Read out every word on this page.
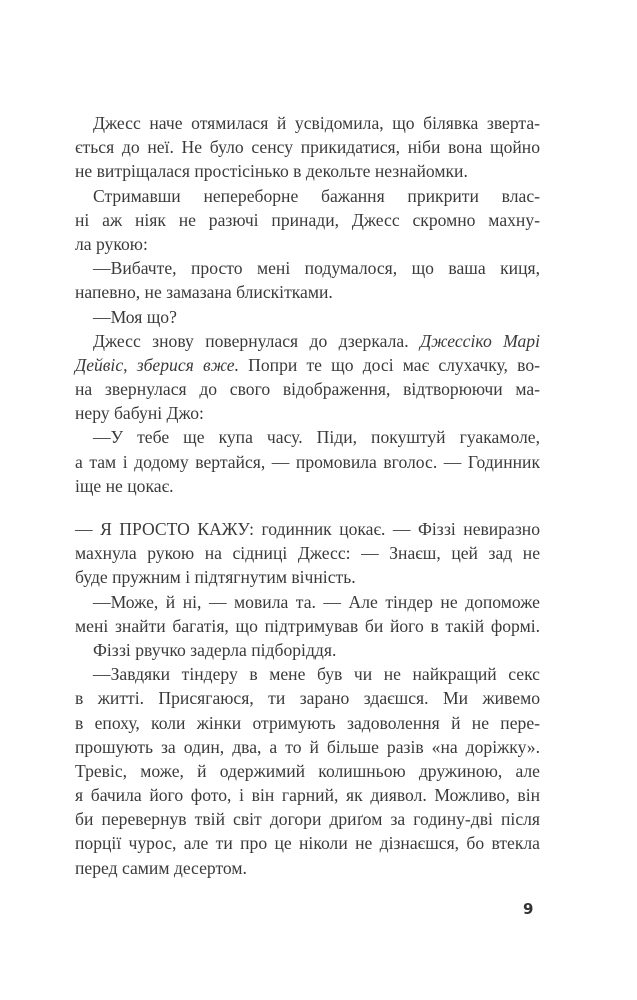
Джесс наче отямилася й усвідомила, що білявка зверта-
ється до неї. Не було сенсу прикидатися, ніби вона щойно
не витріщалася простісінько в декольте незнайомки.
Стримавши непереборне бажання прикрити влас-
ні аж ніяк не разючі принади, Джесс скромно махну-
ла рукою:
—Вибачте, просто мені подумалося, що ваша киця,
напевно, не замазана блискітками.
—Моя що?
Джесс знову повернулася до дзеркала. Джессіко Марі
Дейвіс, зберися вже. Попри те що досі має слухачку, во-
на звернулася до свого відображення, відтворюючи ма-
неру бабуні Джо:
—У тебе ще купа часу. Піди, покуштуй гуакамоле,
а там і додому вертайся, — промовила вголос. — Годинник
іще не цокає.
— Я ПРОСТО КАЖУ: годинник цокає. — Фіззі невиразно
махнула рукою на сідниці Джесс: — Знаєш, цей зад не
буде пружним і підтягнутим вічність.
—Може, й ні, — мовила та. — Але тіндер не допоможе
мені знайти багатія, що підтримував би його в такій формі.
Фіззі рвучко задерла підборіддя.
—Завдяки тіндеру в мене був чи не найкращий секс
в житті. Присягаюся, ти зарано здаєшся. Ми живемо
в епоху, коли жінки отримують задоволення й не пере-
прошують за один, два, а то й більше разів «на доріжку».
Тревіс, може, й одержимий колишньою дружиною, але
я бачила його фото, і він гарний, як диявол. Можливо, він
би перевернув твій світ догори дриґом за годину-дві після
порції чурос, але ти про це ніколи не дізнаєшся, бо втекла
перед самим десертом.
9
